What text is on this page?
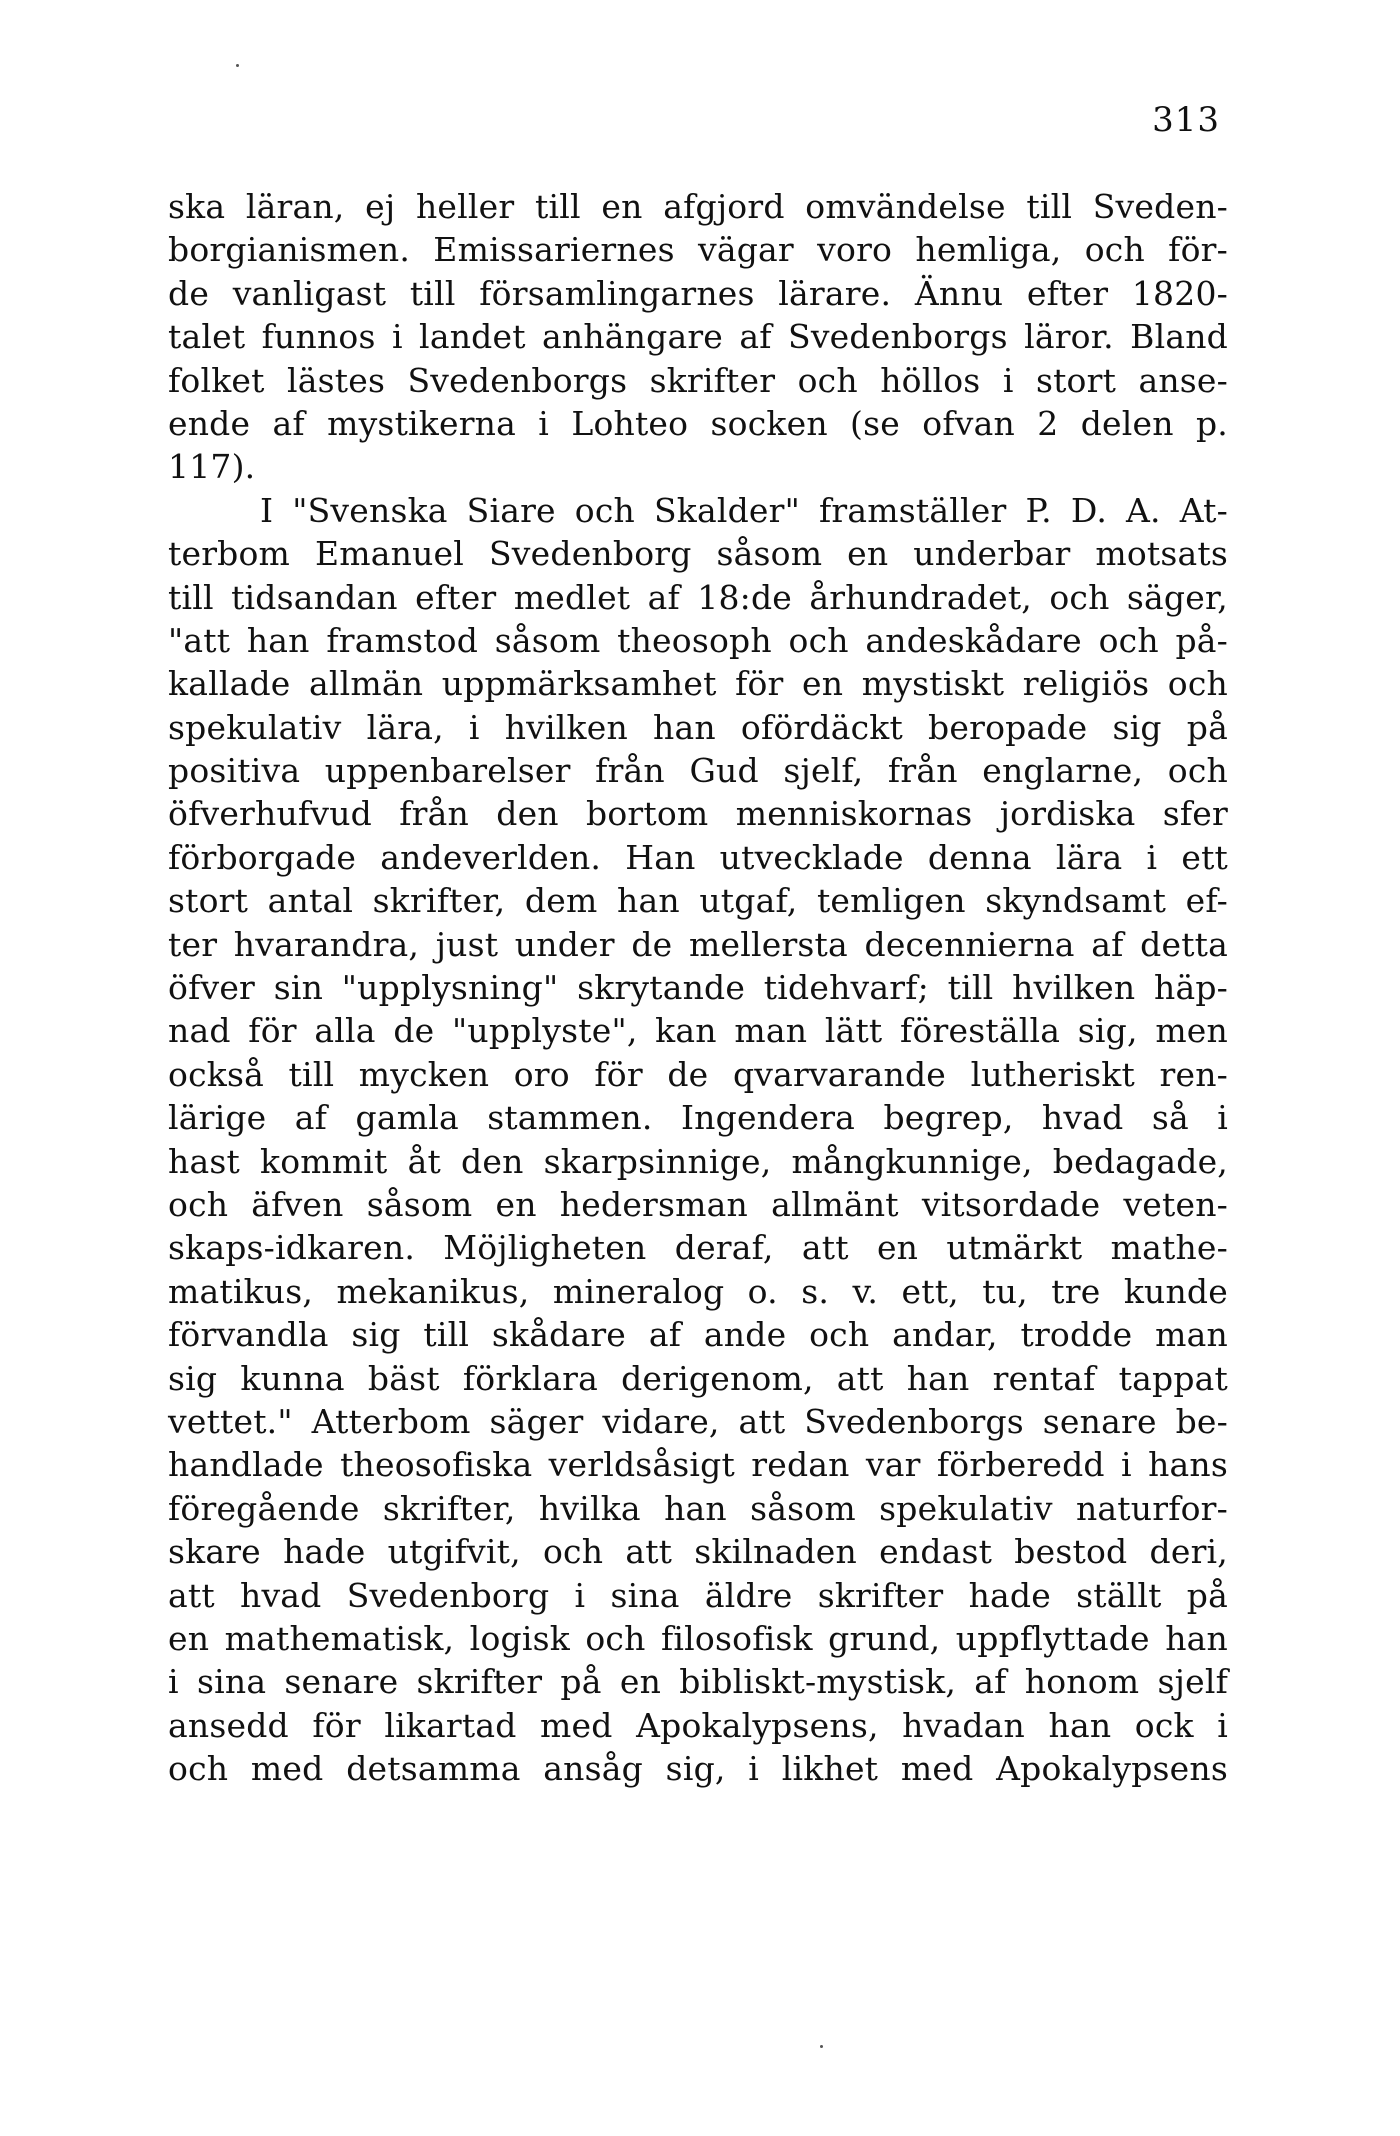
313
ska läran, ej heller till en afgjord omvändelse till Sveden-
borgianismen. Emissariernes vägar voro hemliga, och för-
de vanligast till församlingarnes lärare. Ännu efter 1820-
talet funnos i landet anhängare af Svedenborgs läror. Bland
folket lästes Svedenborgs skrifter och höllos i stort anse-
ende af mystikerna i Lohteo socken (se ofvan 2 delen p.
117).
I "Svenska Siare och Skalder" framställer P. D. A. At-
terbom Emanuel Svedenborg såsom en underbar motsats
till tidsandan efter medlet af 18:de århundradet, och säger,
"att han framstod såsom theosoph och andeskådare och på-
kallade allmän uppmärksamhet för en mystiskt religiös och
spekulativ lära, i hvilken han ofördäckt beropade sig på
positiva uppenbarelser från Gud sjelf, från englarne, och
öfverhufvud från den bortom menniskornas jordiska sfer
förborgade andeverlden. Han utvecklade denna lära i ett
stort antal skrifter, dem han utgaf, temligen skyndsamt ef-
ter hvarandra, just under de mellersta decennierna af detta
öfver sin "upplysning" skrytande tidehvarf; till hvilken häp-
nad för alla de "upplyste", kan man lätt föreställa sig, men
också till mycken oro för de qvarvarande lutheriskt ren-
lärige af gamla stammen. Ingendera begrep, hvad så i
hast kommit åt den skarpsinnige, mångkunnige, bedagade,
och äfven såsom en hedersman allmänt vitsordade veten-
skaps-idkaren. Möjligheten deraf, att en utmärkt mathe-
matikus, mekanikus, mineralog o. s. v. ett, tu, tre kunde
förvandla sig till skådare af ande och andar, trodde man
sig kunna bäst förklara derigenom, att han rentaf tappat
vettet." Atterbom säger vidare, att Svedenborgs senare be-
handlade theosofiska verldsåsigt redan var förberedd i hans
föregående skrifter, hvilka han såsom spekulativ naturfor-
skare hade utgifvit, och att skilnaden endast bestod deri,
att hvad Svedenborg i sina äldre skrifter hade ställt på
en mathematisk, logisk och filosofisk grund, uppflyttade han
i sina senare skrifter på en bibliskt-mystisk, af honom sjelf
ansedd för likartad med Apokalypsens, hvadan han ock i
och med detsamma ansåg sig, i likhet med Apokalypsens
